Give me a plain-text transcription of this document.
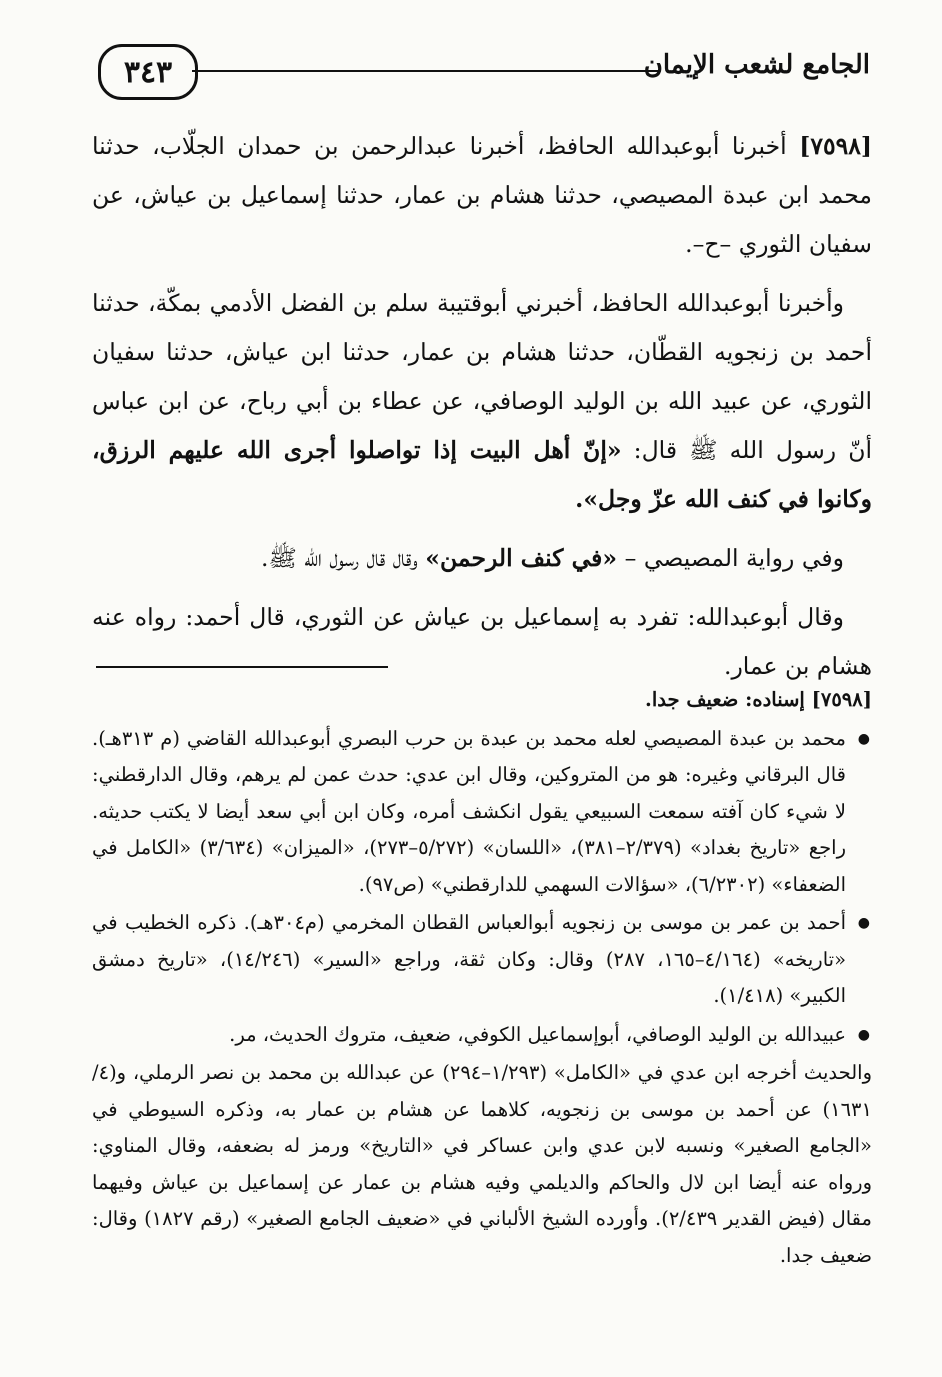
٣٤٣	الجامع لشعب الإيمان

[٧٥٩٨] أخبرنا أبوعبدالله الحافظ، أخبرنا عبدالرحمن بن حمدان الجلّاب، حدثنا محمد ابن عبدة المصيصي، حدثنا هشام بن عمار، حدثنا إسماعيل بن عياش، عن سفيان الثوري –ح–.

وأخبرنا أبوعبدالله الحافظ، أخبرني أبوقتيبة سلم بن الفضل الأدمي بمكّة، حدثنا أحمد بن زنجويه القطّان، حدثنا هشام بن عمار، حدثنا ابن عياش، حدثنا سفيان الثوري، عن عبيد الله بن الوليد الوصافي، عن عطاء بن أبي رباح، عن ابن عباس أنّ رسول الله ﷺ قال: «إنّ أهل البيت إذا تواصلوا أجرى الله عليهم الرزق، وكانوا في كنف الله عزّ وجل».

وفي رواية المصيصي – «في كنف الرحمن» وقال قال رسول الله ﷺ.

وقال أبوعبدالله: تفرد به إسماعيل بن عياش عن الثوري، قال أحمد: رواه عنه هشام بن عمار.

[٧٥٩٨] إسناده: ضعيف جدا.

● محمد بن عبدة المصيصي لعله محمد بن عبدة بن حرب البصري أبوعبدالله القاضي (م ٣١٣هـ). قال البرقاني وغيره: هو من المتروكين، وقال ابن عدي: حدث عمن لم يرهم، وقال الدارقطني: لا شيء كان آفته سمعت السبيعي يقول انكشف أمره، وكان ابن أبي سعد أيضا لا يكتب حديثه. راجع «تاريخ بغداد» (٢/٣٧٩–٣٨١)، «اللسان» (٥/٢٧٢–٢٧٣)، «الميزان» (٣/٦٣٤) «الكامل في الضعفاء» (٦/٢٣٠٢)، «سؤالات السهمي للدارقطني» (ص٩٧).

● أحمد بن عمر بن موسى بن زنجويه أبوالعباس القطان المخرمي (م٣٠٤هـ). ذكره الخطيب في «تاريخه» (٤/١٦٤–١٦٥، ٢٨٧) وقال: وكان ثقة، وراجع «السير» (١٤/٢٤٦)، «تاريخ دمشق الكبير» (١/٤١٨).

● عبيدالله بن الوليد الوصافي، أبوإسماعيل الكوفي، ضعيف، متروك الحديث، مر.

والحديث أخرجه ابن عدي في «الكامل» (١/٢٩٣–٢٩٤) عن عبدالله بن محمد بن نصر الرملي، و(٤/ ١٦٣١) عن أحمد بن موسى بن زنجويه، كلاهما عن هشام بن عمار به، وذكره السيوطي في «الجامع الصغير» ونسبه لابن عدي وابن عساكر في «التاريخ» ورمز له بضعفه، وقال المناوي: ورواه عنه أيضا ابن لال والحاكم والديلمي وفيه هشام بن عمار عن إسماعيل بن عياش وفيهما مقال (فيض القدير ٢/٤٣٩). وأورده الشيخ الألباني في «ضعيف الجامع الصغير» (رقم ١٨٢٧) وقال: ضعيف جدا.
